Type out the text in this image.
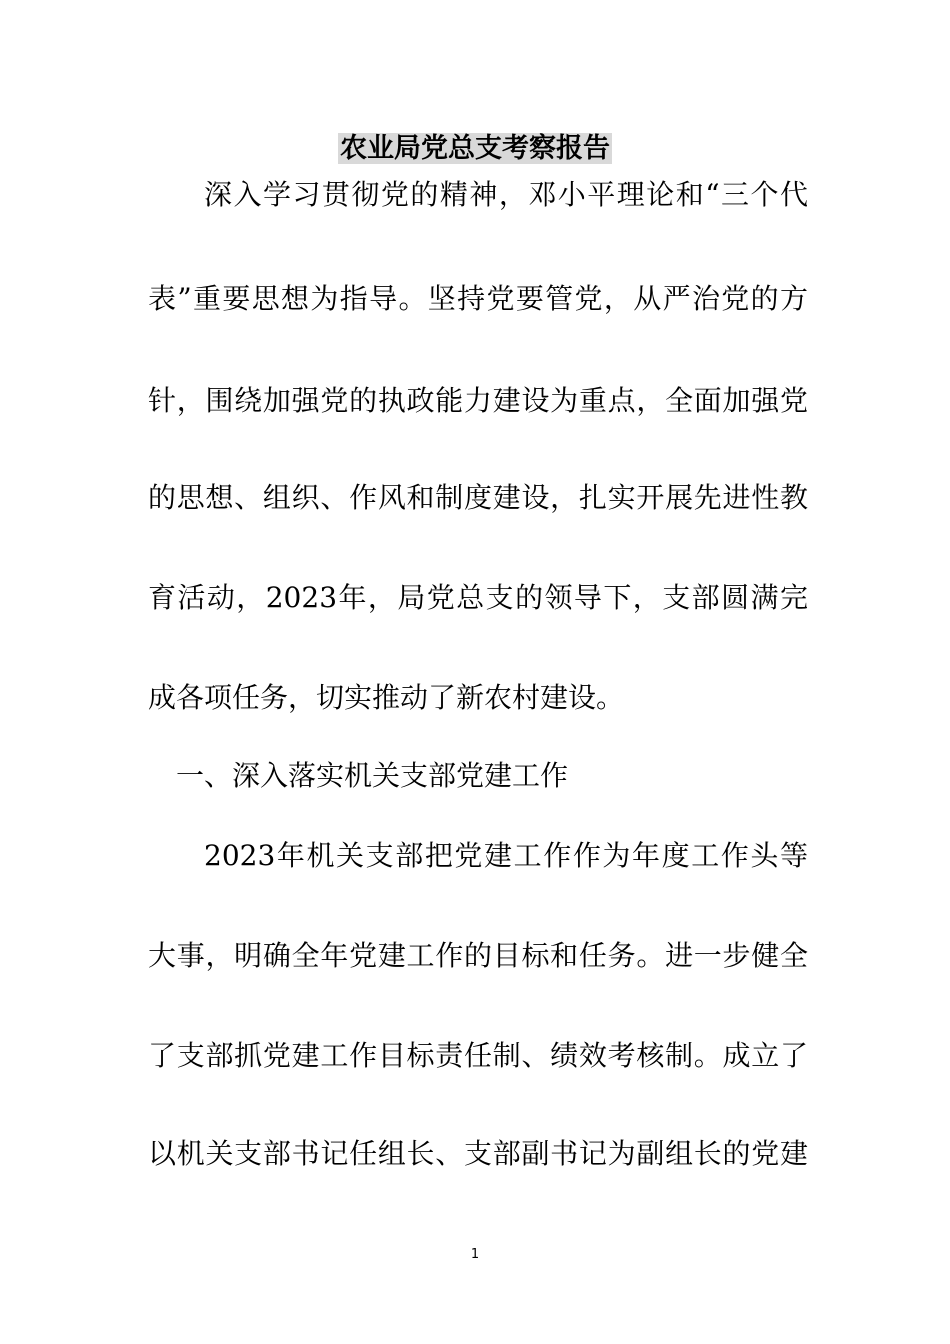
农业局党总支考察报告
深入学习贯彻党的精神，邓小平理论和“三个代
表”重要思想为指导。坚持党要管党，从严治党的方
针，围绕加强党的执政能力建设为重点，全面加强党
的思想、组织、作风和制度建设，扎实开展先进性教
育活动，2023年，局党总支的领导下，支部圆满完
成各项任务，切实推动了新农村建设。
一、深入落实机关支部党建工作
2023年机关支部把党建工作作为年度工作头等
大事，明确全年党建工作的目标和任务。进一步健全
了支部抓党建工作目标责任制、绩效考核制。成立了
以机关支部书记任组长、支部副书记为副组长的党建
1
